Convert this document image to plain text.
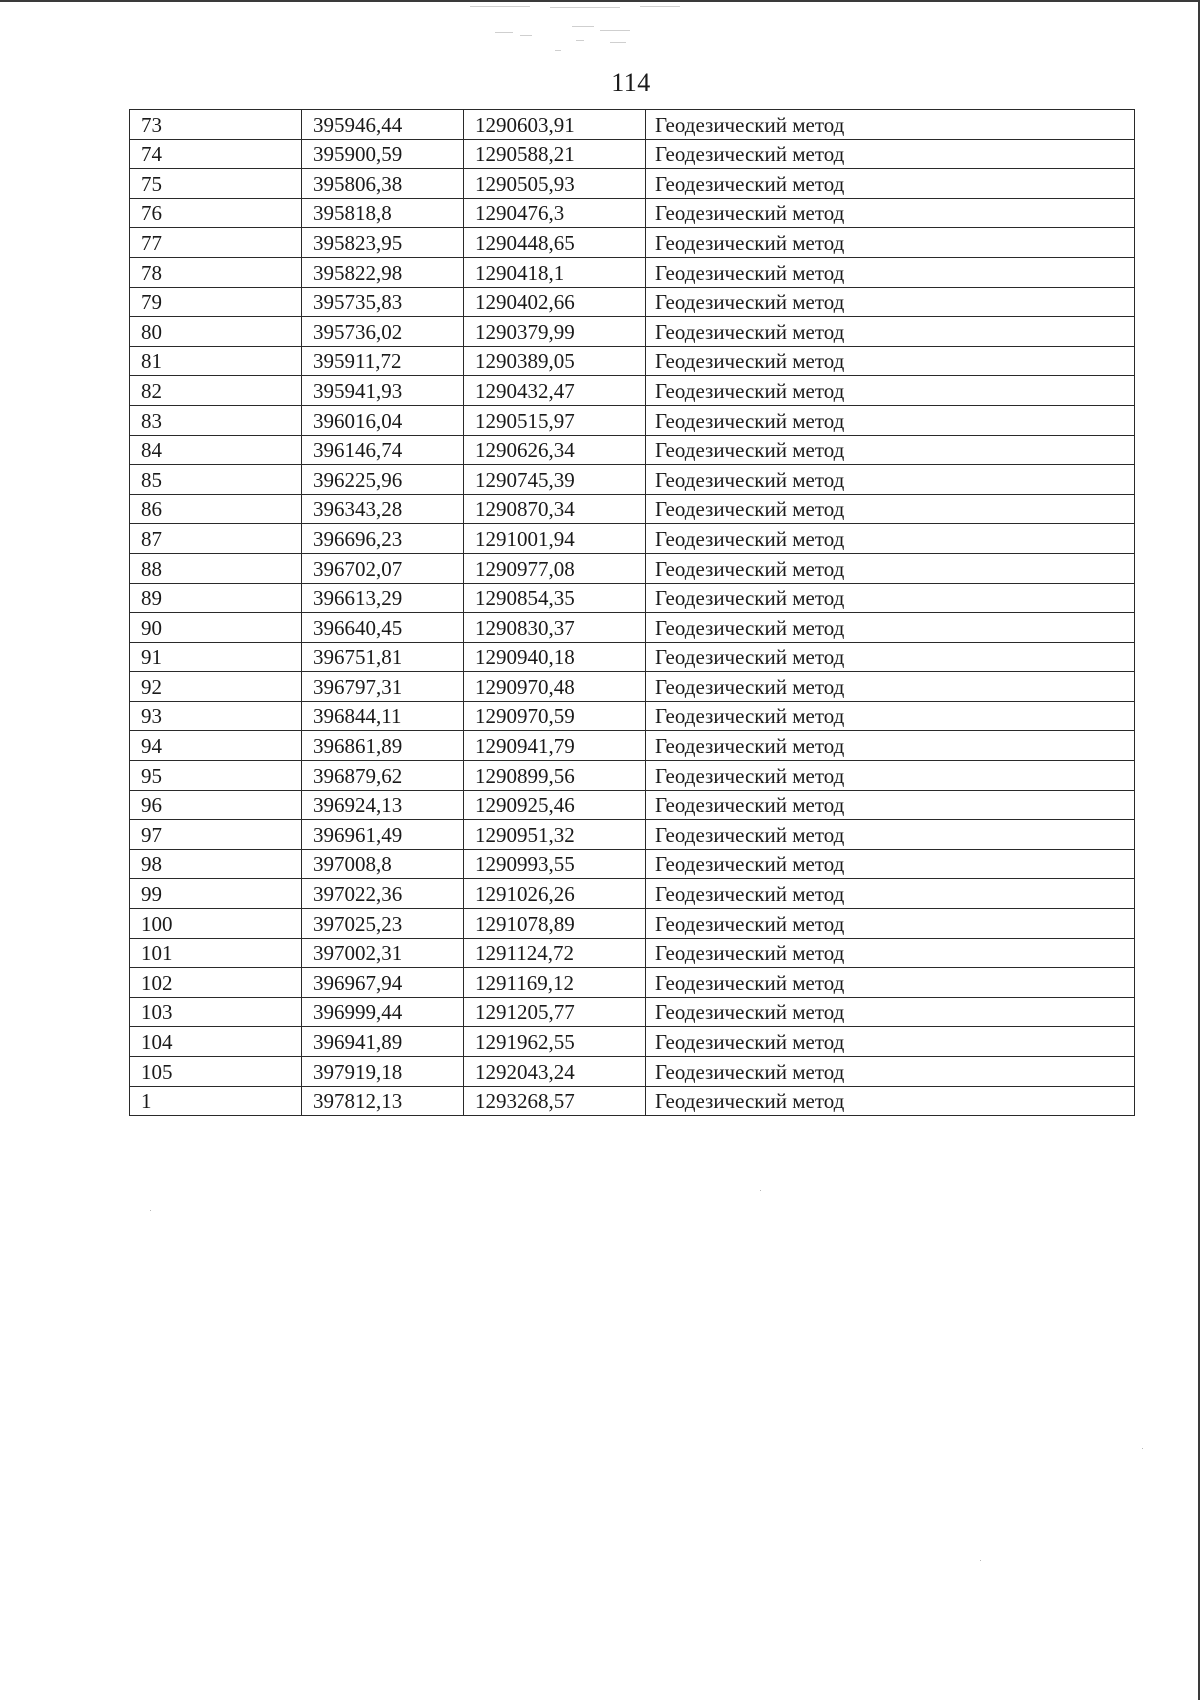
114
73	395946,44	1290603,91	Геодезический метод
74	395900,59	1290588,21	Геодезический метод
75	395806,38	1290505,93	Геодезический метод
76	395818,8	1290476,3	Геодезический метод
77	395823,95	1290448,65	Геодезический метод
78	395822,98	1290418,1	Геодезический метод
79	395735,83	1290402,66	Геодезический метод
80	395736,02	1290379,99	Геодезический метод
81	395911,72	1290389,05	Геодезический метод
82	395941,93	1290432,47	Геодезический метод
83	396016,04	1290515,97	Геодезический метод
84	396146,74	1290626,34	Геодезический метод
85	396225,96	1290745,39	Геодезический метод
86	396343,28	1290870,34	Геодезический метод
87	396696,23	1291001,94	Геодезический метод
88	396702,07	1290977,08	Геодезический метод
89	396613,29	1290854,35	Геодезический метод
90	396640,45	1290830,37	Геодезический метод
91	396751,81	1290940,18	Геодезический метод
92	396797,31	1290970,48	Геодезический метод
93	396844,11	1290970,59	Геодезический метод
94	396861,89	1290941,79	Геодезический метод
95	396879,62	1290899,56	Геодезический метод
96	396924,13	1290925,46	Геодезический метод
97	396961,49	1290951,32	Геодезический метод
98	397008,8	1290993,55	Геодезический метод
99	397022,36	1291026,26	Геодезический метод
100	397025,23	1291078,89	Геодезический метод
101	397002,31	1291124,72	Геодезический метод
102	396967,94	1291169,12	Геодезический метод
103	396999,44	1291205,77	Геодезический метод
104	396941,89	1291962,55	Геодезический метод
105	397919,18	1292043,24	Геодезический метод
1	397812,13	1293268,57	Геодезический метод
